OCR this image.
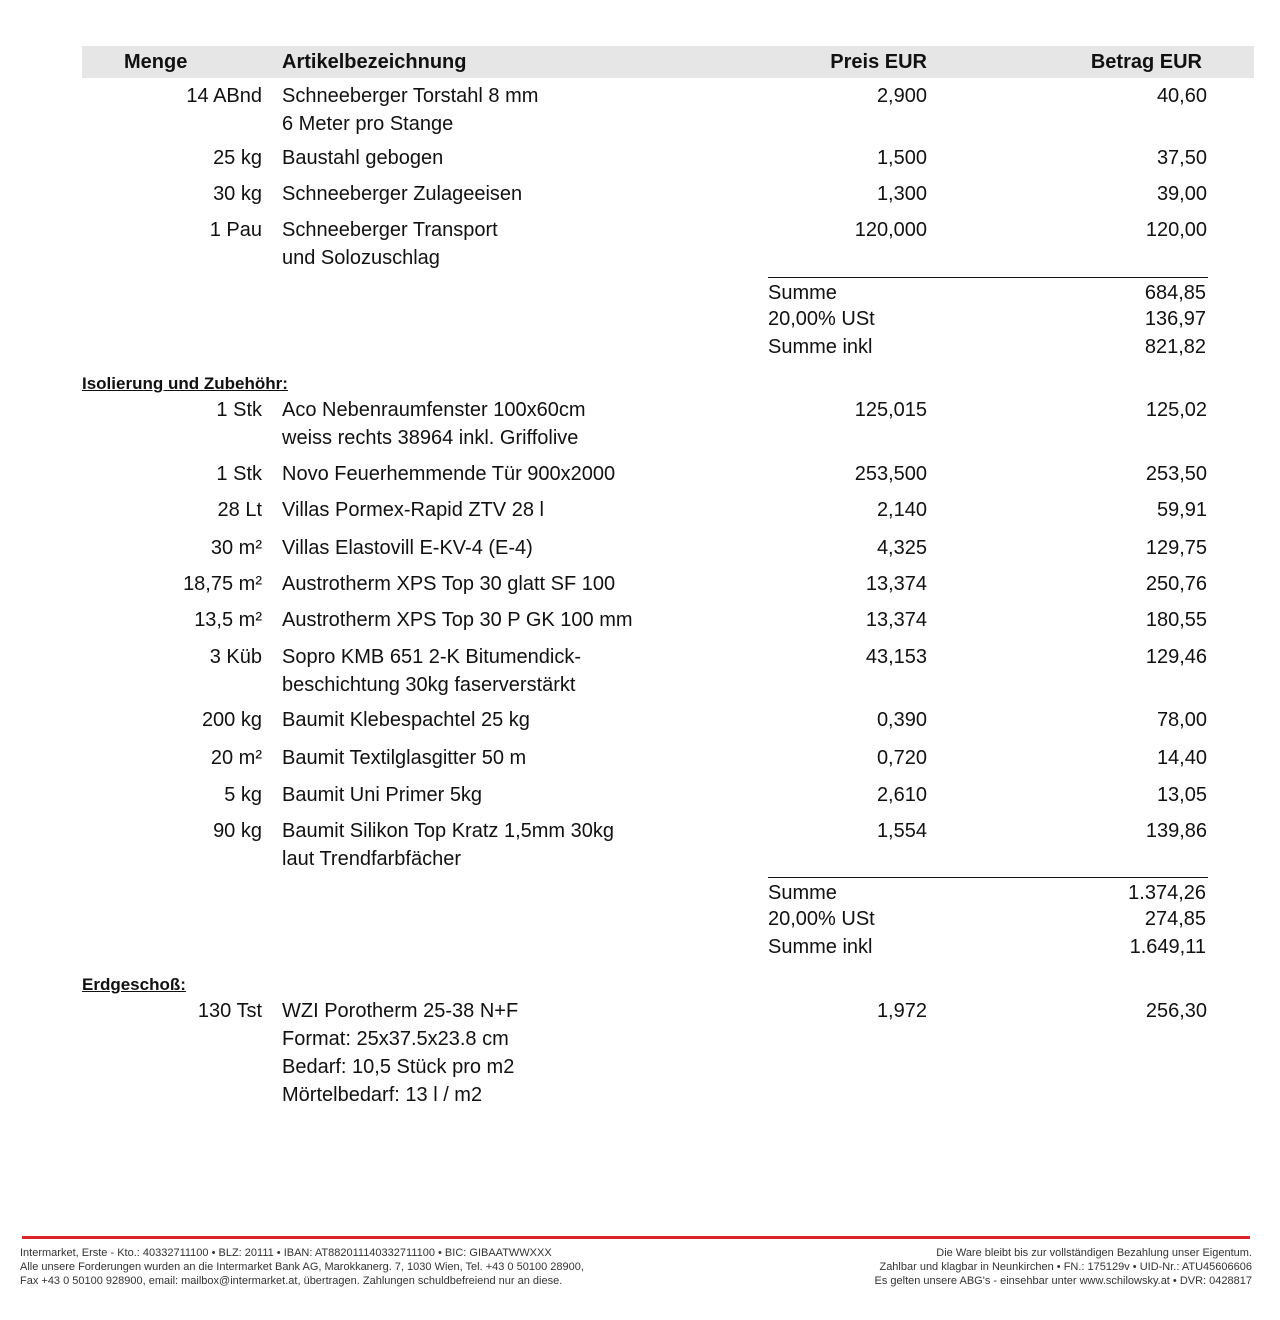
Menge	Artikelbezeichnung	Preis EUR	Betrag EUR
14 ABnd Schneeberger Torstahl 8 mm
6 Meter pro Stange
2,900	40,60
25 kg Baustahl gebogen	1,500	37,50
30 kg Schneeberger Zulageeisen	1,300	39,00
1 Pau Schneeberger Transport
und Solozuschlag
120,000	120,00
Summe	684,85
20,00% USt	136,97
Summe inkl	821,82
Isolierung und Zubehöhr:
1 Stk Aco Nebenraumfenster 100x60cm
weiss rechts 38964 inkl. Griffolive
125,015	125,02
1 Stk Novo Feuerhemmende Tür 900x2000	253,500	253,50
28 Lt Villas Pormex-Rapid ZTV 28 l	2,140	59,91
30 m² Villas Elastovill E-KV-4 (E-4)	4,325	129,75
18,75 m² Austrotherm XPS Top 30 glatt SF 100	13,374	250,76
13,5 m² Austrotherm XPS Top 30 P GK 100 mm	13,374	180,55
3 Küb Sopro KMB 651 2-K Bitumendick-
beschichtung 30kg faserverstärkt
43,153	129,46
200 kg Baumit Klebespachtel 25 kg	0,390	78,00
20 m² Baumit Textilglasgitter 50 m	0,720	14,40
5 kg Baumit Uni Primer 5kg	2,610	13,05
90 kg Baumit Silikon Top Kratz 1,5mm 30kg
laut Trendfarbfächer
1,554	139,86
Summe	1.374,26
20,00% USt	274,85
Summe inkl	1.649,11
Erdgeschoß:
130 Tst WZI Porotherm 25-38 N+F
Format: 25x37.5x23.8 cm
Bedarf: 10,5 Stück pro m2
Mörtelbedarf: 13 l / m2
1,972	256,30
Intermarket, Erste - Kto.: 40332711100 • BLZ: 20111 • IBAN: AT882011140332711100 • BIC: GIBAATWWXXX
Alle unsere Forderungen wurden an die Intermarket Bank AG, Marokkanerg. 7, 1030 Wien, Tel. +43 0 50100 28900,
Fax +43 0 50100 928900, email: mailbox@intermarket.at, übertragen. Zahlungen schuldbefreiend nur an diese.
Die Ware bleibt bis zur vollständigen Bezahlung unser Eigentum.
Zahlbar und klagbar in Neunkirchen • FN.: 175129v • UID-Nr.: ATU45606606
Es gelten unsere ABG's - einsehbar unter www.schilowsky.at • DVR: 0428817
